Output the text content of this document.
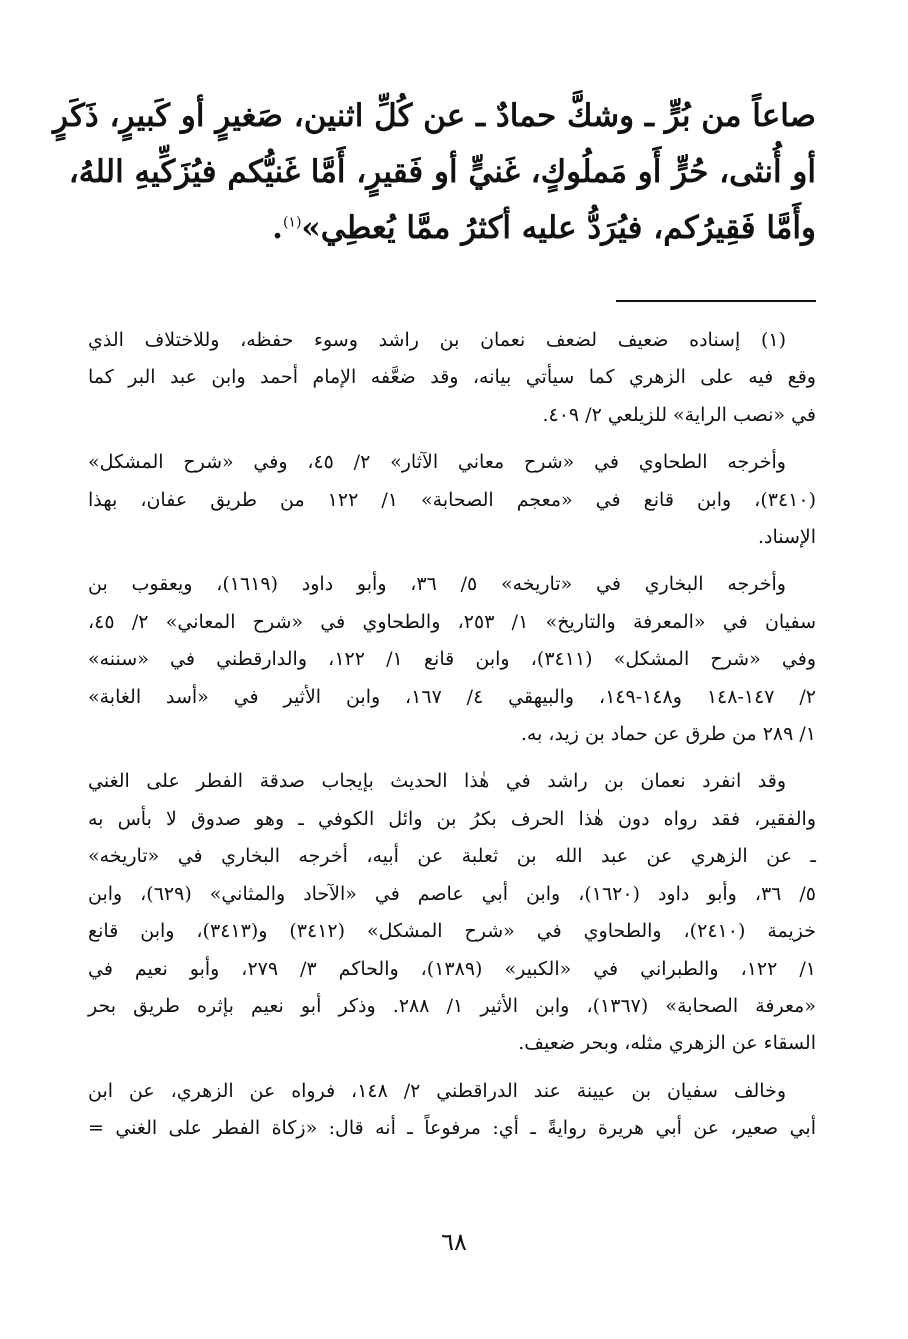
صاعاً من بُرٍّ ـ وشكَّ حمادٌ ـ عن كُلِّ اثنين، صَغيرٍ أو كَبيرٍ، ذَكَرٍ
أو أُنثى، حُرٍّ أَو مَملُوكٍ، غَنيٍّ أو فَقيرٍ، أَمَّا غَنيُّكم فيُزَكِّيهِ اللهُ،
وأَمَّا فَقِيرُكم، فيُرَدُّ عليه أكثرُ ممَّا يُعطِي»$^{(١)}$.
(١) إسناده ضعيف لضعف نعمان بن راشد وسوء حفظه، وللاختلاف الذي
وقع فيه على الزهري كما سيأتي بيانه، وقد ضعَّفه الإمام أحمد وابن عبد البر كما
في «نصب الراية» للزيلعي ٢/ ٤٠٩.
وأخرجه الطحاوي في «شرح معاني الآثار» ٢/ ٤٥، وفي «شرح المشكل»
(٣٤١٠)، وابن قانع في «معجم الصحابة» ١/ ١٢٢ من طريق عفان، بهذا
الإسناد.
وأخرجه البخاري في «تاريخه» ٥/ ٣٦، وأبو داود (١٦١٩)، ويعقوب بن
سفيان في «المعرفة والتاريخ» ١/ ٢٥٣، والطحاوي في «شرح المعاني» ٢/ ٤٥،
وفي «شرح المشكل» (٣٤١١)، وابن قانع ١/ ١٢٢، والدارقطني في «سننه»
٢/ ١٤٧-١٤٨ و١٤٨-١٤٩، والبيهقي ٤/ ١٦٧، وابن الأثير في «أسد الغابة»
١/ ٢٨٩ من طرق عن حماد بن زيد، به.
وقد انفرد نعمان بن راشد في هٰذا الحديث بإيجاب صدقة الفطر على الغني
والفقير، فقد رواه دون هٰذا الحرف بكرُ بن وائل الكوفي ـ وهو صدوق لا بأس به
ـ عن الزهري عن عبد الله بن ثعلبة عن أبيه، أخرجه البخاري في «تاريخه»
٥/ ٣٦، وأبو داود (١٦٢٠)، وابن أبي عاصم في «الآحاد والمثاني» (٦٢٩)، وابن
خزيمة (٢٤١٠)، والطحاوي في «شرح المشكل» (٣٤١٢) و(٣٤١٣)، وابن قانع
١/ ١٢٢، والطبراني في «الكبير» (١٣٨٩)، والحاكم ٣/ ٢٧٩، وأبو نعيم في
«معرفة الصحابة» (١٣٦٧)، وابن الأثير ١/ ٢٨٨. وذكر أبو نعيم بإثره طريق بحر
السقاء عن الزهري مثله، وبحر ضعيف.
وخالف سفيان بن عيينة عند الدراقطني ٢/ ١٤٨، فرواه عن الزهري، عن ابن
أبي صعير، عن أبي هريرة روايةً ـ أي: مرفوعاً ـ أنه قال: «زكاة الفطر على الغني =
٦٨
